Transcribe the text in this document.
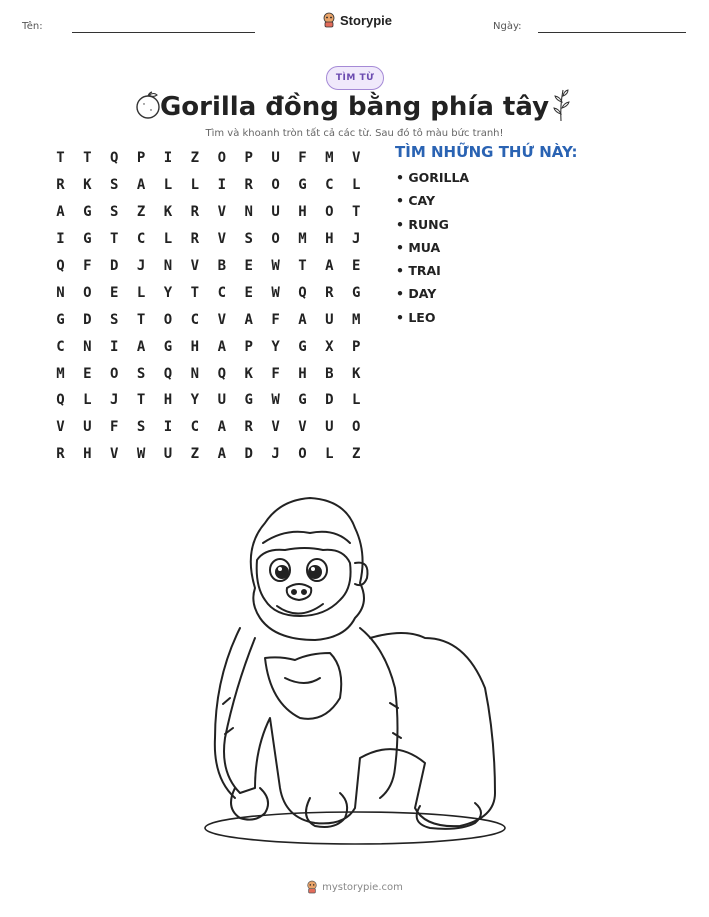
Tên:	Storypie	Ngày:
TÌM TỪ
Gorilla đồng bằng phía tây
Tìm và khoanh tròn tất cả các từ. Sau đó tô màu bức tranh!
T	T	Q	P	I	Z	O	P	U	F	M	V
R	K	S	A	L	L	I	R	O	G	C	L
A	G	S	Z	K	R	V	N	U	H	O	T
I	G	T	C	L	R	V	S	O	M	H	J
Q	F	D	J	N	V	B	E	W	T	A	E
N	O	E	L	Y	T	C	E	W	Q	R	G
G	D	S	T	O	C	V	A	F	A	U	M
C	N	I	A	G	H	A	P	Y	G	X	P
M	E	O	S	Q	N	Q	K	F	H	B	K
Q	L	J	T	H	Y	U	G	W	G	D	L
V	U	F	S	I	C	A	R	V	V	U	O
R	H	V	W	U	Z	A	D	J	O	L	Z
TÌM NHỮNG THỨ NÀY:
• GORILLA
• CAY
• RUNG
• MUA
• TRAI
• DAY
• LEO
mystorypie.com
